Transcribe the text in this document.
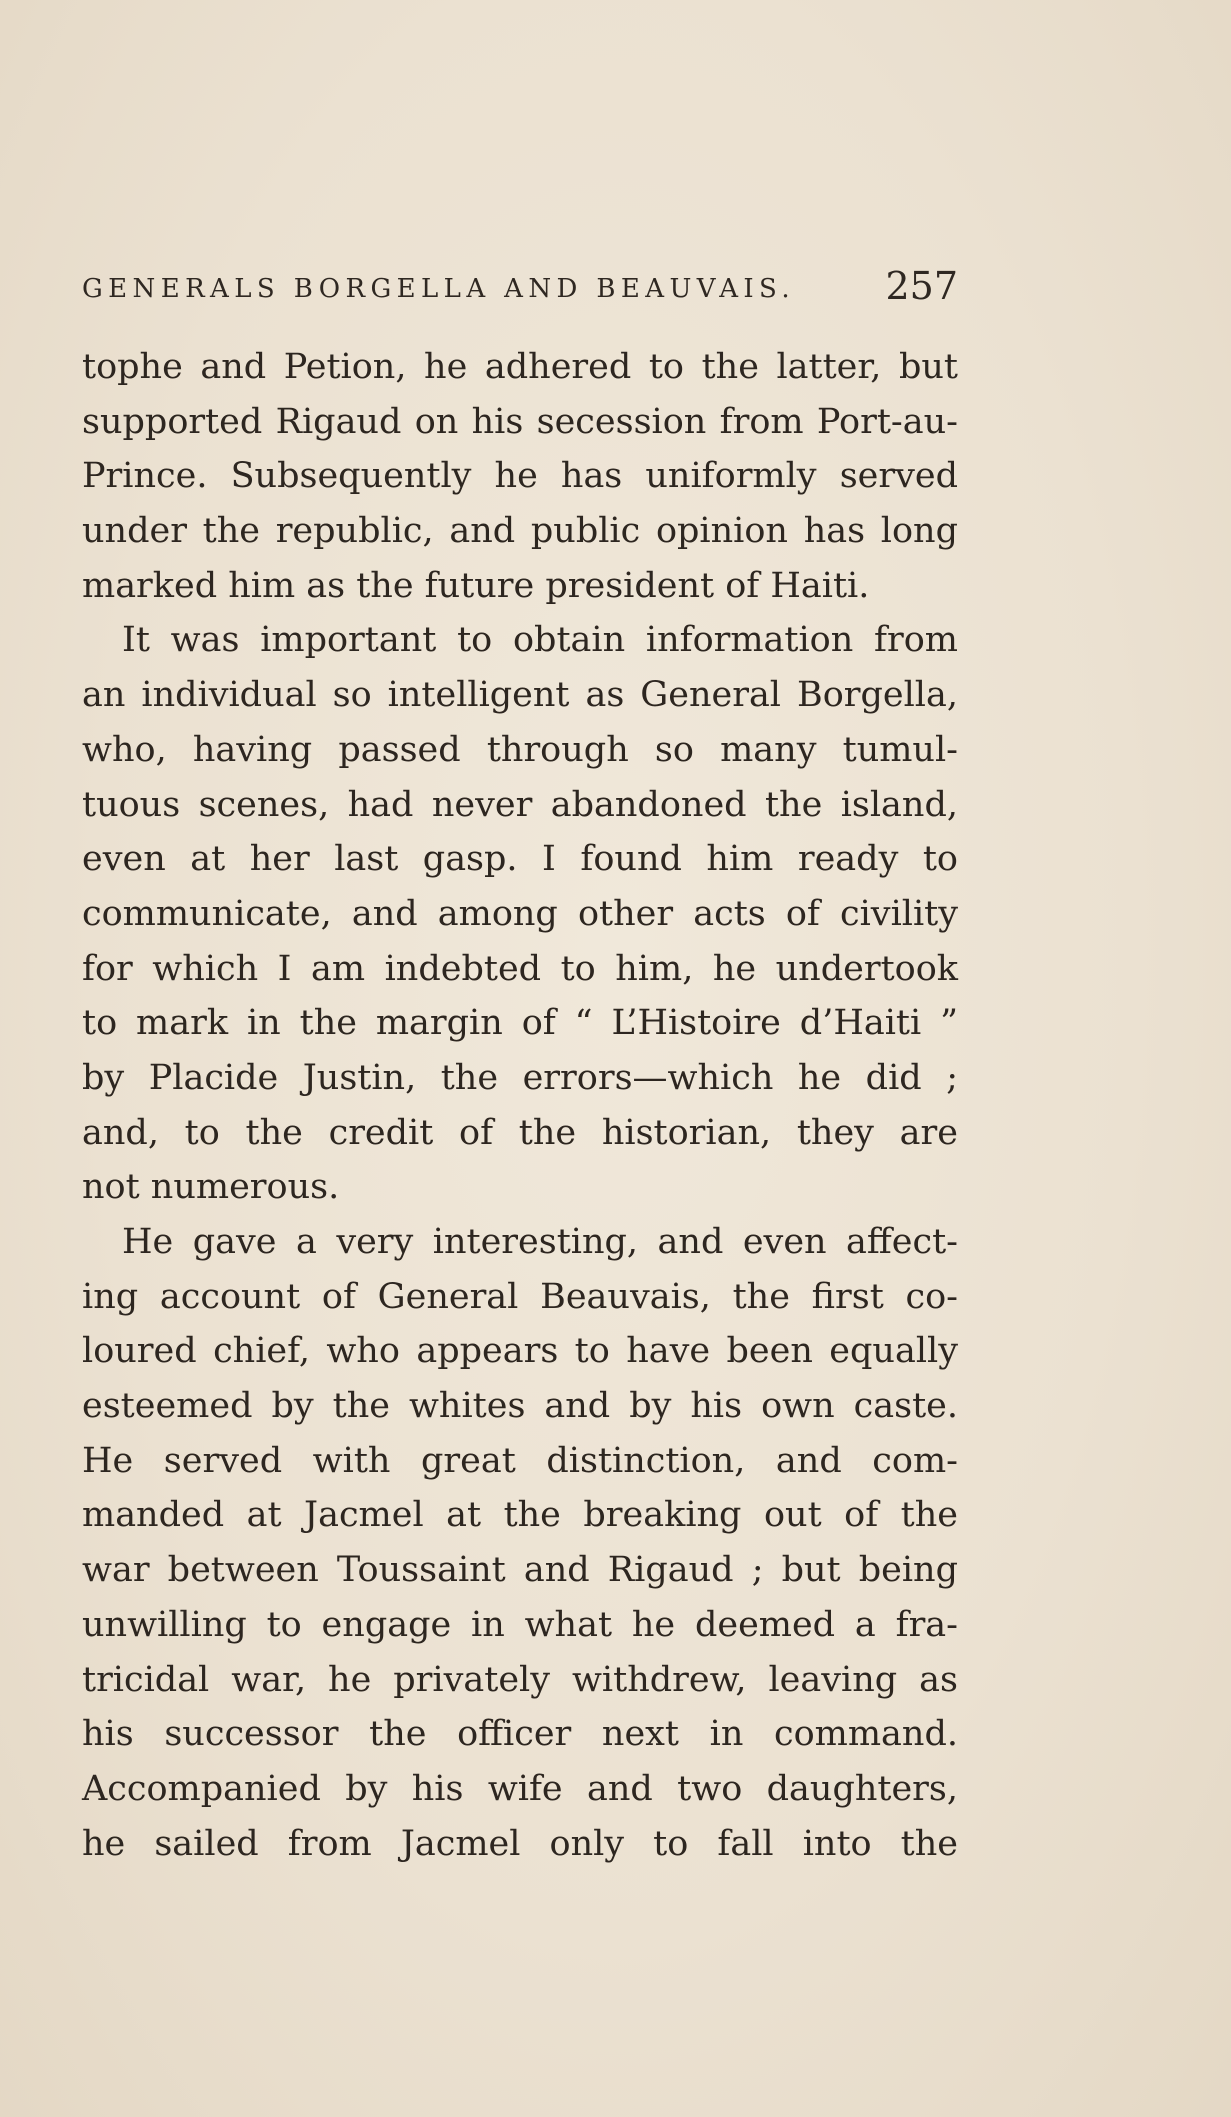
GENERALS BORGELLA AND BEAUVAIS. 257
tophe and Petion, he adhered to the latter, but
supported Rigaud on his secession from Port-au-
Prince. Subsequently he has uniformly served
under the republic, and public opinion has long
marked him as the future president of Haiti.
It was important to obtain information from
an individual so intelligent as General Borgella,
who, having passed through so many tumul-
tuous scenes, had never abandoned the island,
even at her last gasp. I found him ready to
communicate, and among other acts of civility
for which I am indebted to him, he undertook
to mark in the margin of “ L’Histoire d’Haiti ”
by Placide Justin, the errors—which he did ;
and, to the credit of the historian, they are
not numerous.
He gave a very interesting, and even affect-
ing account of General Beauvais, the first co-
loured chief, who appears to have been equally
esteemed by the whites and by his own caste.
He served with great distinction, and com-
manded at Jacmel at the breaking out of the
war between Toussaint and Rigaud ; but being
unwilling to engage in what he deemed a fra-
tricidal war, he privately withdrew, leaving as
his successor the officer next in command.
Accompanied by his wife and two daughters,
he sailed from Jacmel only to fall into the
